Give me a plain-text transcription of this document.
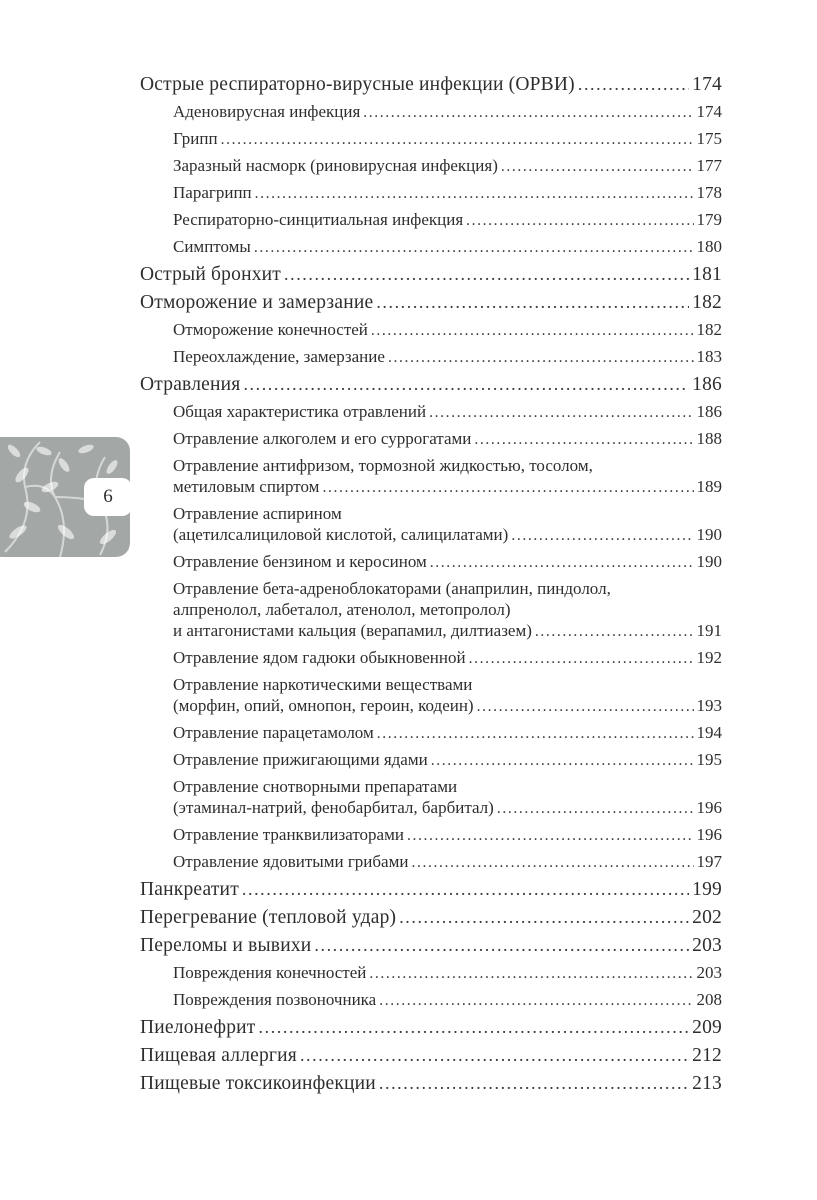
6
Острые респираторно-вирусные инфекции (ОРВИ) .....	174
Аденовирусная инфекция .....	174
Грипп .....	175
Заразный насморк (риновирусная инфекция) .....	177
Парагрипп .....	178
Респираторно-синцитиальная инфекция .....	179
Симптомы .....	180
Острый бронхит .....	181
Отморожение и замерзание .....	182
Отморожение конечностей .....	182
Переохлаждение, замерзание .....	183
Отравления .....	186
Общая характеристика отравлений .....	186
Отравление алкоголем и его суррогатами .....	188
Отравление антифризом, тормозной жидкостью, тосолом,
метиловым спиртом .....	189
Отравление аспирином
(ацетилсалициловой кислотой, салицилатами) .....	190
Отравление бензином и керосином .....	190
Отравление бета-адреноблокаторами (анаприлин, пиндолол,
алпренолол, лабеталол, атенолол, метопролол)
и антагонистами кальция (верапамил, дилтиазем) .....	191
Отравление ядом гадюки обыкновенной .....	192
Отравление наркотическими веществами
(морфин, опий, омнопон, героин, кодеин) .....	193
Отравление парацетамолом .....	194
Отравление прижигающими ядами .....	195
Отравление снотворными препаратами
(этаминал-натрий, фенобарбитал, барбитал) .....	196
Отравление транквилизаторами .....	196
Отравление ядовитыми грибами .....	197
Панкреатит .....	199
Перегревание (тепловой удар) .....	202
Переломы и вывихи .....	203
Повреждения конечностей .....	203
Повреждения позвоночника .....	208
Пиелонефрит .....	209
Пищевая аллергия .....	212
Пищевые токсикоинфекции .....	213
